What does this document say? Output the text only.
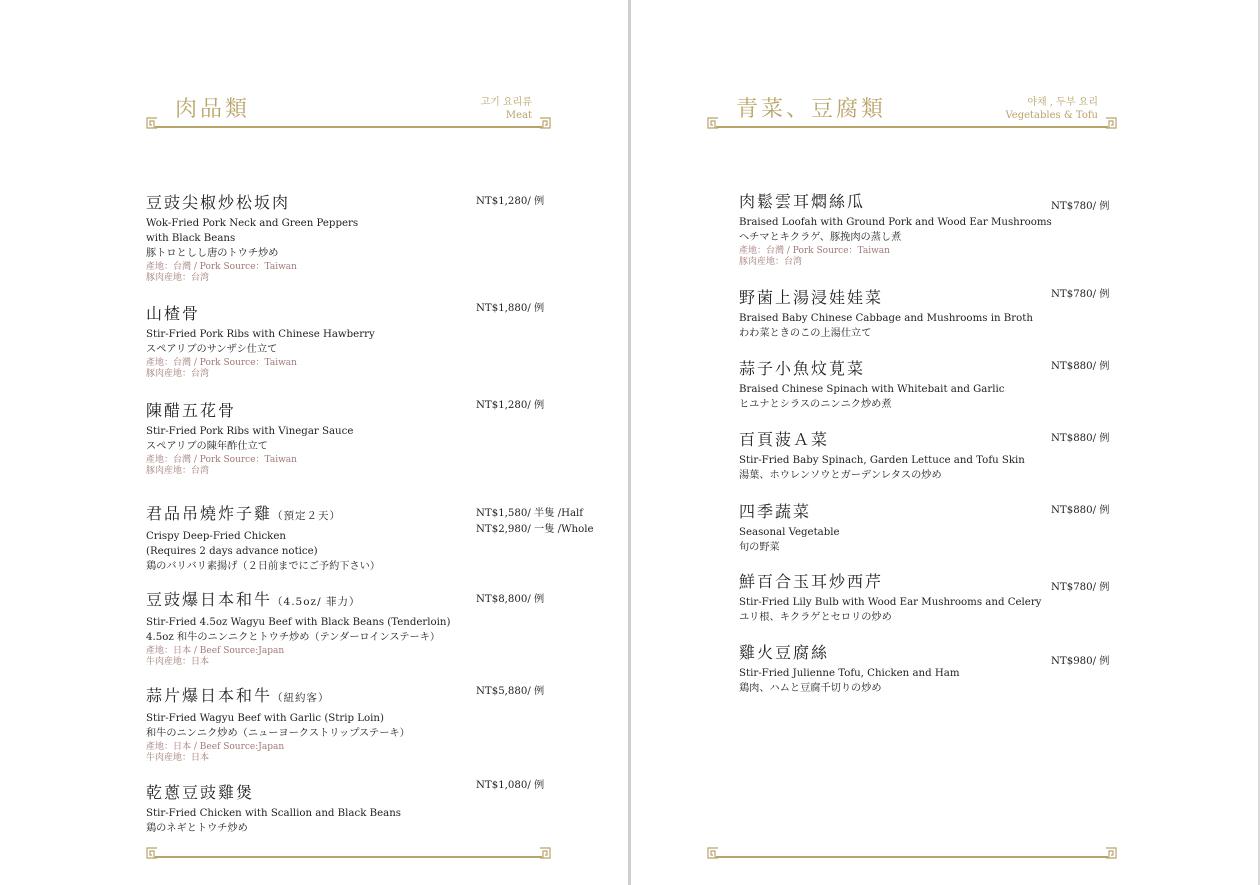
肉品類	고기 요리류
Meat
豆豉尖椒炒松坂肉
Wok-Fried Pork Neck and Green Peppers
with Black Beans
豚トロとしし唐のトウチ炒め
產地：台灣 / Pork Source：Taiwan
豚肉産地：台湾
NT$1,280/ 例
山楂骨
Stir-Fried Pork Ribs with Chinese Hawberry
スペアリブのサンザシ仕立て
產地：台灣 / Pork Source：Taiwan
豚肉産地：台湾
NT$1,880/ 例
陳醋五花骨
Stir-Fried Pork Ribs with Vinegar Sauce
スペアリブの陳年酢仕立て
產地：台灣 / Pork Source：Taiwan
豚肉産地：台湾
NT$1,280/ 例
君品吊燒炸子雞（預定２天）
Crispy Deep-Fried Chicken
(Requires 2 days advance notice)
鶏のバリバリ素揚げ（２日前までにご予約下さい）
NT$1,580/ 半隻 /Half
NT$2,980/ 一隻 /Whole
豆豉爆日本和牛（4.5oz/ 菲力）
Stir-Fried 4.5oz Wagyu Beef with Black Beans (Tenderloin)
4.5oz 和牛のニンニクとトウチ炒め（テンダーロインステーキ）
產地：日本 / Beef Source:Japan
牛肉産地：日本
NT$8,800/ 例
蒜片爆日本和牛（紐約客）
Stir-Fried Wagyu Beef with Garlic (Strip Loin)
和牛のニンニク炒め（ニューヨークストリップステーキ）
產地：日本 / Beef Source:Japan
牛肉産地：日本
NT$5,880/ 例
乾蔥豆豉雞煲
Stir-Fried Chicken with Scallion and Black Beans
鶏のネギとトウチ炒め
NT$1,080/ 例
青菜、豆腐類	야채 , 두부 요리
Vegetables & Tofu
肉鬆雲耳燜絲瓜
Braised Loofah with Ground Pork and Wood Ear Mushrooms
ヘチマとキクラゲ、豚挽肉の蒸し煮
產地：台灣 / Pork Source：Taiwan
豚肉産地：台湾
NT$780/ 例
野菌上湯浸娃娃菜
Braised Baby Chinese Cabbage and Mushrooms in Broth
わわ菜ときのこの上湯仕立て
NT$780/ 例
蒜子小魚炆莧菜
Braised Chinese Spinach with Whitebait and Garlic
ヒユナとシラスのニンニク炒め煮
NT$880/ 例
百頁菠Ａ菜
Stir-Fried Baby Spinach, Garden Lettuce and Tofu Skin
湯葉、ホウレンソウとガーデンレタスの炒め
NT$880/ 例
四季蔬菜
Seasonal Vegetable
旬の野菜
NT$880/ 例
鮮百合玉耳炒西芹
Stir-Fried Lily Bulb with Wood Ear Mushrooms and Celery
ユリ根、キクラゲとセロリの炒め
NT$780/ 例
雞火豆腐絲
Stir-Fried Julienne Tofu, Chicken and Ham
鶏肉、ハムと豆腐千切りの炒め
NT$980/ 例
